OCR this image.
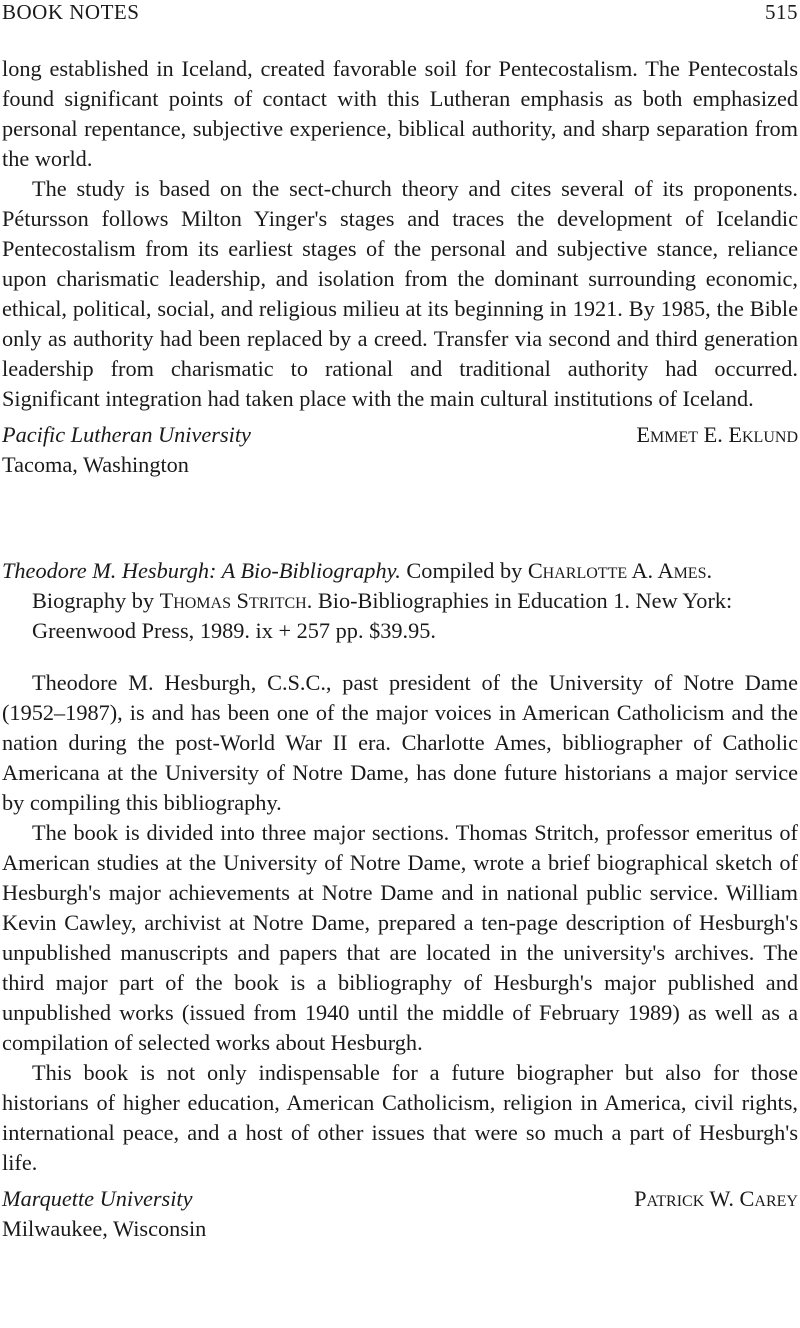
BOOK NOTES	515

long established in Iceland, created favorable soil for Pentecostalism. The Pentecostals found significant points of contact with this Lutheran emphasis as both emphasized personal repentance, subjective experience, biblical authority, and sharp separation from the world.

The study is based on the sect-church theory and cites several of its proponents. Pétursson follows Milton Yinger's stages and traces the development of Icelandic Pentecostalism from its earliest stages of the personal and subjective stance, reliance upon charismatic leadership, and isolation from the dominant surrounding economic, ethical, political, social, and religious milieu at its beginning in 1921. By 1985, the Bible only as authority had been replaced by a creed. Transfer via second and third generation leadership from charismatic to rational and traditional authority had occurred. Significant integration had taken place with the main cultural institutions of Iceland.

Pacific Lutheran University	Emmet E. Eklund
Tacoma, Washington

Theodore M. Hesburgh: A Bio-Bibliography. Compiled by Charlotte A. Ames. Biography by Thomas Stritch. Bio-Bibliographies in Education 1. New York: Greenwood Press, 1989. ix + 257 pp. $39.95.

Theodore M. Hesburgh, C.S.C., past president of the University of Notre Dame (1952–1987), is and has been one of the major voices in American Catholicism and the nation during the post-World War II era. Charlotte Ames, bibliographer of Catholic Americana at the University of Notre Dame, has done future historians a major service by compiling this bibliography.

The book is divided into three major sections. Thomas Stritch, professor emeritus of American studies at the University of Notre Dame, wrote a brief biographical sketch of Hesburgh's major achievements at Notre Dame and in national public service. William Kevin Cawley, archivist at Notre Dame, prepared a ten-page description of Hesburgh's unpublished manuscripts and papers that are located in the university's archives. The third major part of the book is a bibliography of Hesburgh's major published and unpublished works (issued from 1940 until the middle of February 1989) as well as a compilation of selected works about Hesburgh.

This book is not only indispensable for a future biographer but also for those historians of higher education, American Catholicism, religion in America, civil rights, international peace, and a host of other issues that were so much a part of Hesburgh's life.

Marquette University	Patrick W. Carey
Milwaukee, Wisconsin
